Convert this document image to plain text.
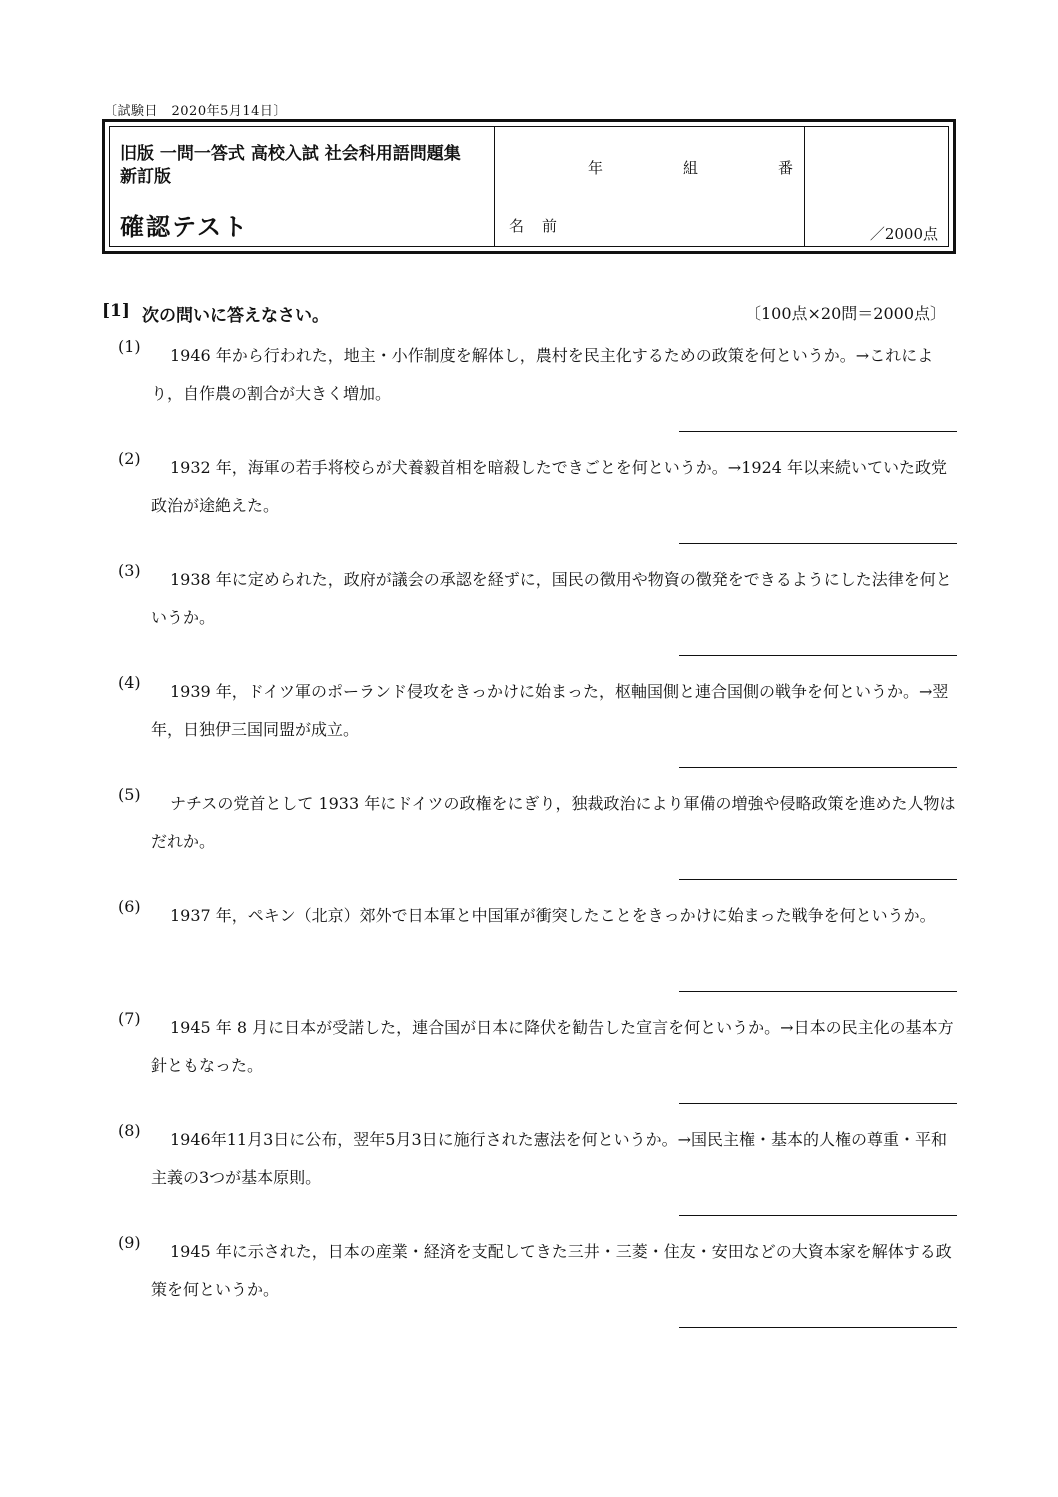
〔試験日　2020年5月14日〕
旧版 一問一答式 高校入試 社会科用語問題集 新訂版
確認テスト
年	組	番
名前	／2000点
[1] 次の問いに答えなさい。	〔100点×20問＝2000点〕
(1)	1946 年から行われた，地主・小作制度を解体し，農村を民主化するための政策を何というか。→これにより，自作農の割合が大きく増加。
(2)	1932 年，海軍の若手将校らが犬養毅首相を暗殺したできごとを何というか。→1924 年以来続いていた政党政治が途絶えた。
(3)	1938 年に定められた，政府が議会の承認を経ずに，国民の徴用や物資の徴発をできるようにした法律を何というか。
(4)	1939 年，ドイツ軍のポーランド侵攻をきっかけに始まった，枢軸国側と連合国側の戦争を何というか。→翌年，日独伊三国同盟が成立。
(5)	ナチスの党首として 1933 年にドイツの政権をにぎり，独裁政治により軍備の増強や侵略政策を進めた人物はだれか。
(6)	1937 年，ペキン（北京）郊外で日本軍と中国軍が衝突したことをきっかけに始まった戦争を何というか。
(7)	1945 年 8 月に日本が受諾した，連合国が日本に降伏を勧告した宣言を何というか。→日本の民主化の基本方針ともなった。
(8)	1946年11月3日に公布，翌年5月3日に施行された憲法を何というか。→国民主権・基本的人権の尊重・平和主義の3つが基本原則。
(9)	1945 年に示された，日本の産業・経済を支配してきた三井・三菱・住友・安田などの大資本家を解体する政策を何というか。
